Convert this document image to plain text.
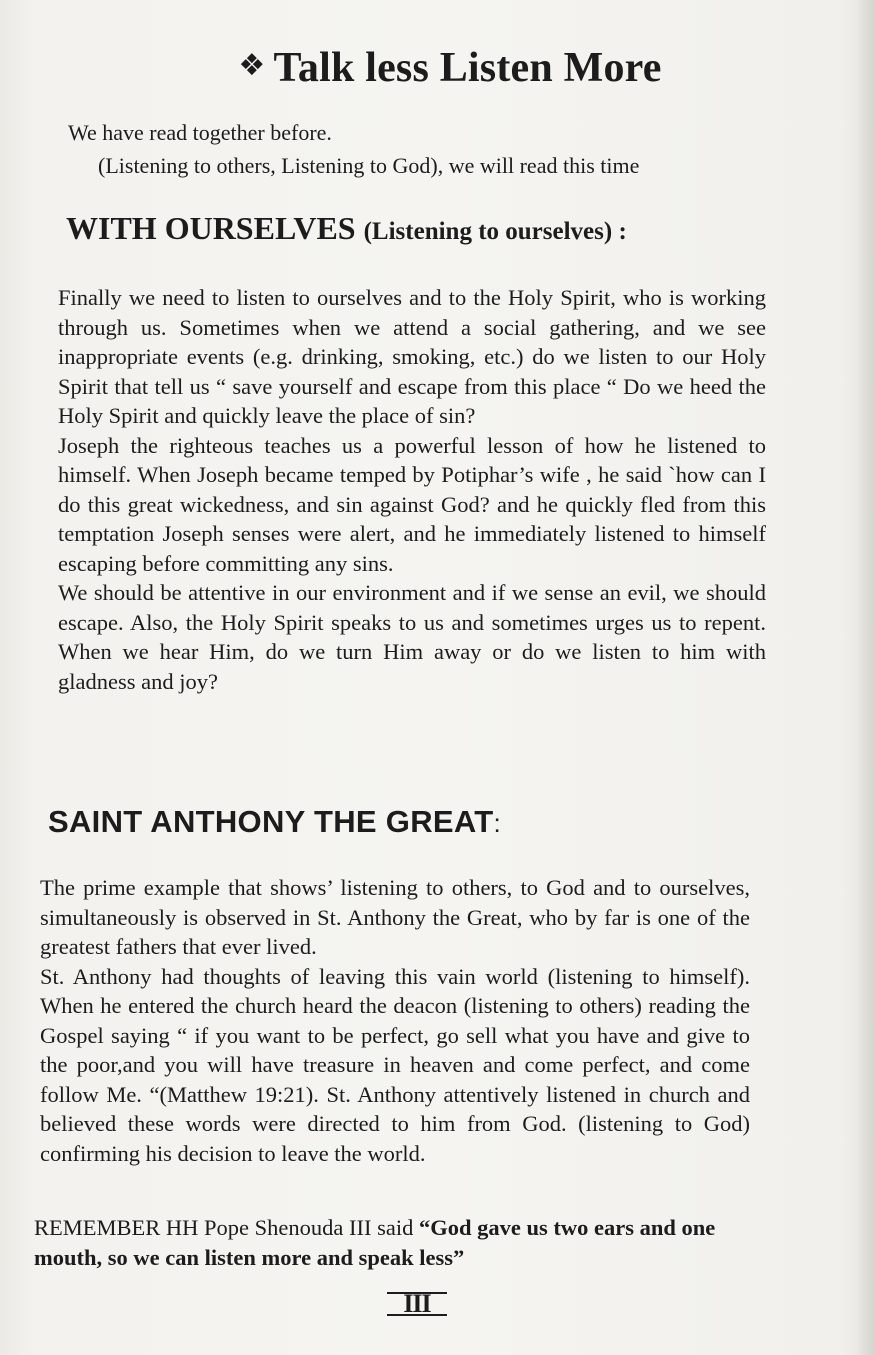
❖ Talk less Listen More
We have read together before.
(Listening to others, Listening to God), we will read this time
WITH OURSELVES (Listening to ourselves) :

Finally we need to listen to ourselves and to the Holy Spirit, who is working through us. Sometimes when we attend a social gathering, and we see inappropriate events (e.g. drinking, smoking, etc.) do we listen to our Holy Spirit that tell us “ save yourself and escape from this place “ Do we heed the Holy Spirit and quickly leave the place of sin?

Joseph the righteous teaches us a powerful lesson of how he listened to himself. When Joseph became temped by Potiphar’s wife , he said `how can I do this great wickedness, and sin against God? and he quickly fled from this temptation Joseph senses were alert, and he immediately listened to himself escaping before committing any sins.

We should be attentive in our environment and if we sense an evil, we should escape. Also, the Holy Spirit speaks to us and sometimes urges us to repent. When we hear Him, do we turn Him away or do we listen to him with gladness and joy?

SAINT ANTHONY THE GREAT:

The prime example that shows’ listening to others, to God and to ourselves, simultaneously is observed in St. Anthony the Great, who by far is one of the greatest fathers that ever lived.

St. Anthony had thoughts of leaving this vain world (listening to himself). When he entered the church heard the deacon (listening to others) reading the Gospel saying “ if you want to be perfect, go sell what you have and give to the poor,and you will have treasure in heaven and come perfect, and come follow Me. “(Matthew 19:21). St. Anthony attentively listened in church and believed these words were directed to him from God. (listening to God) confirming his decision to leave the world.

REMEMBER HH Pope Shenouda III said “God gave us two ears and one mouth, so we can listen more and speak less”
III
